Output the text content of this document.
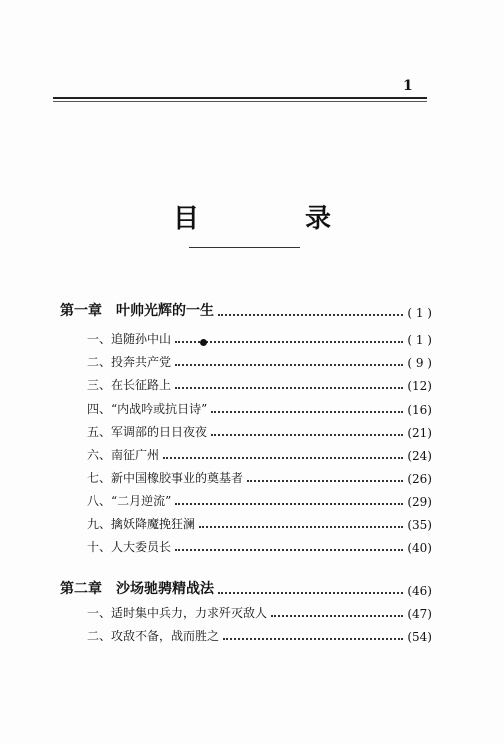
1
目　录
第一章　叶帅光辉的一生	( 1 )
一、追随孙中山	( 1 )
二、投奔共产党	( 9 )
三、在长征路上	(12)
四、“内战吟或抗日诗”	(16)
五、军调部的日日夜夜	(21)
六、南征广州	(24)
七、新中国橡胶事业的奠基者	(26)
八、“二月逆流”	(29)
九、擒妖降魔挽狂澜	(35)
十、人大委员长	(40)
第二章　沙场驰骋精战法	(46)
一、适时集中兵力，力求歼灭敌人	(47)
二、攻敌不备，战而胜之	(54)
